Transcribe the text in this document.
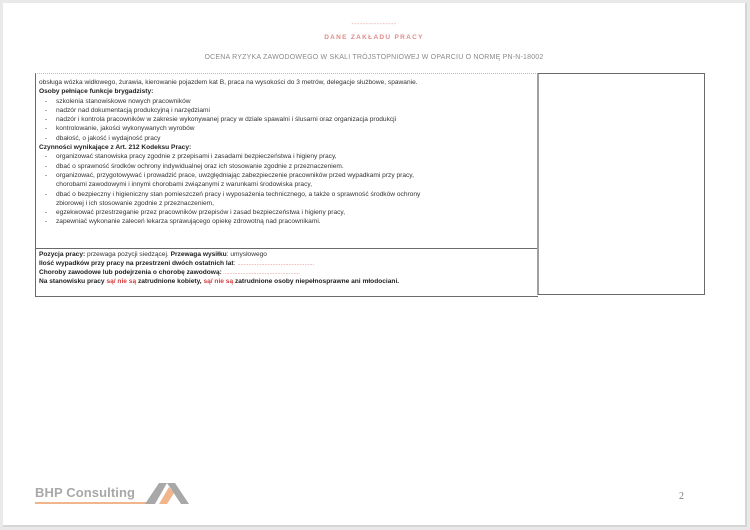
----------------
DANE ZAKŁADU PRACY
OCENA RYZYKA ZAWODOWEGO W SKALI TRÓJSTOPNIOWEJ W OPARCIU O NORMĘ PN-N-18002
obsługa wózka widłowego, żurawia, kierowanie pojazdem kat B, praca na wysokości do 3 metrów, delegacje służbowe, spawanie.
Osoby pełniące funkcje brygadzisty:
- szkolenia stanowiskowe nowych pracowników
- nadzór nad dokumentacją produkcyjną i narzędziami
- nadzór i kontrola pracowników w zakresie wykonywanej pracy w dziale spawalni i ślusarni oraz organizacja produkcji
- kontrolowanie, jakości wykonywanych wyrobów
- dbałość, o jakość i wydajność pracy
Czynności wynikające z Art. 212 Kodeksu Pracy:
- organizować stanowiska pracy zgodnie z przepisami i zasadami bezpieczeństwa i higieny pracy,
- dbać o sprawność środków ochrony indywidualnej oraz ich stosowanie zgodnie z przeznaczeniem.
- organizować, przygotowywać i prowadzić prace, uwzględniając zabezpieczenie pracowników przed wypadkami przy pracy,
chorobami zawodowymi i innymi chorobami związanymi z warunkami środowiska pracy,
- dbać o bezpieczny i higieniczny stan pomieszczeń pracy i wyposażenia technicznego, a także o sprawność środków ochrony
zbiorowej i ich stosowanie zgodnie z przeznaczeniem,
- egzekwować przestrzeganie przez pracowników przepisów i zasad bezpieczeństwa i higieny pracy,
- zapewniać wykonanie zaleceń lekarza sprawującego opiekę zdrowotną nad pracownikami.
Pozycja pracy: przewaga pozycji siedzącej. Przewaga wysiłku: umysłowego
Ilość wypadków przy pracy na przestrzeni dwóch ostatnich lat: …………………………………………
Choroby zawodowe lub podejrzenia o chorobę zawodową: …………………………………………
Na stanowisku pracy są/ nie są zatrudnione kobiety, są/ nie są zatrudnione osoby niepełnosprawne ani młodociani.
BHP Consulting	2
